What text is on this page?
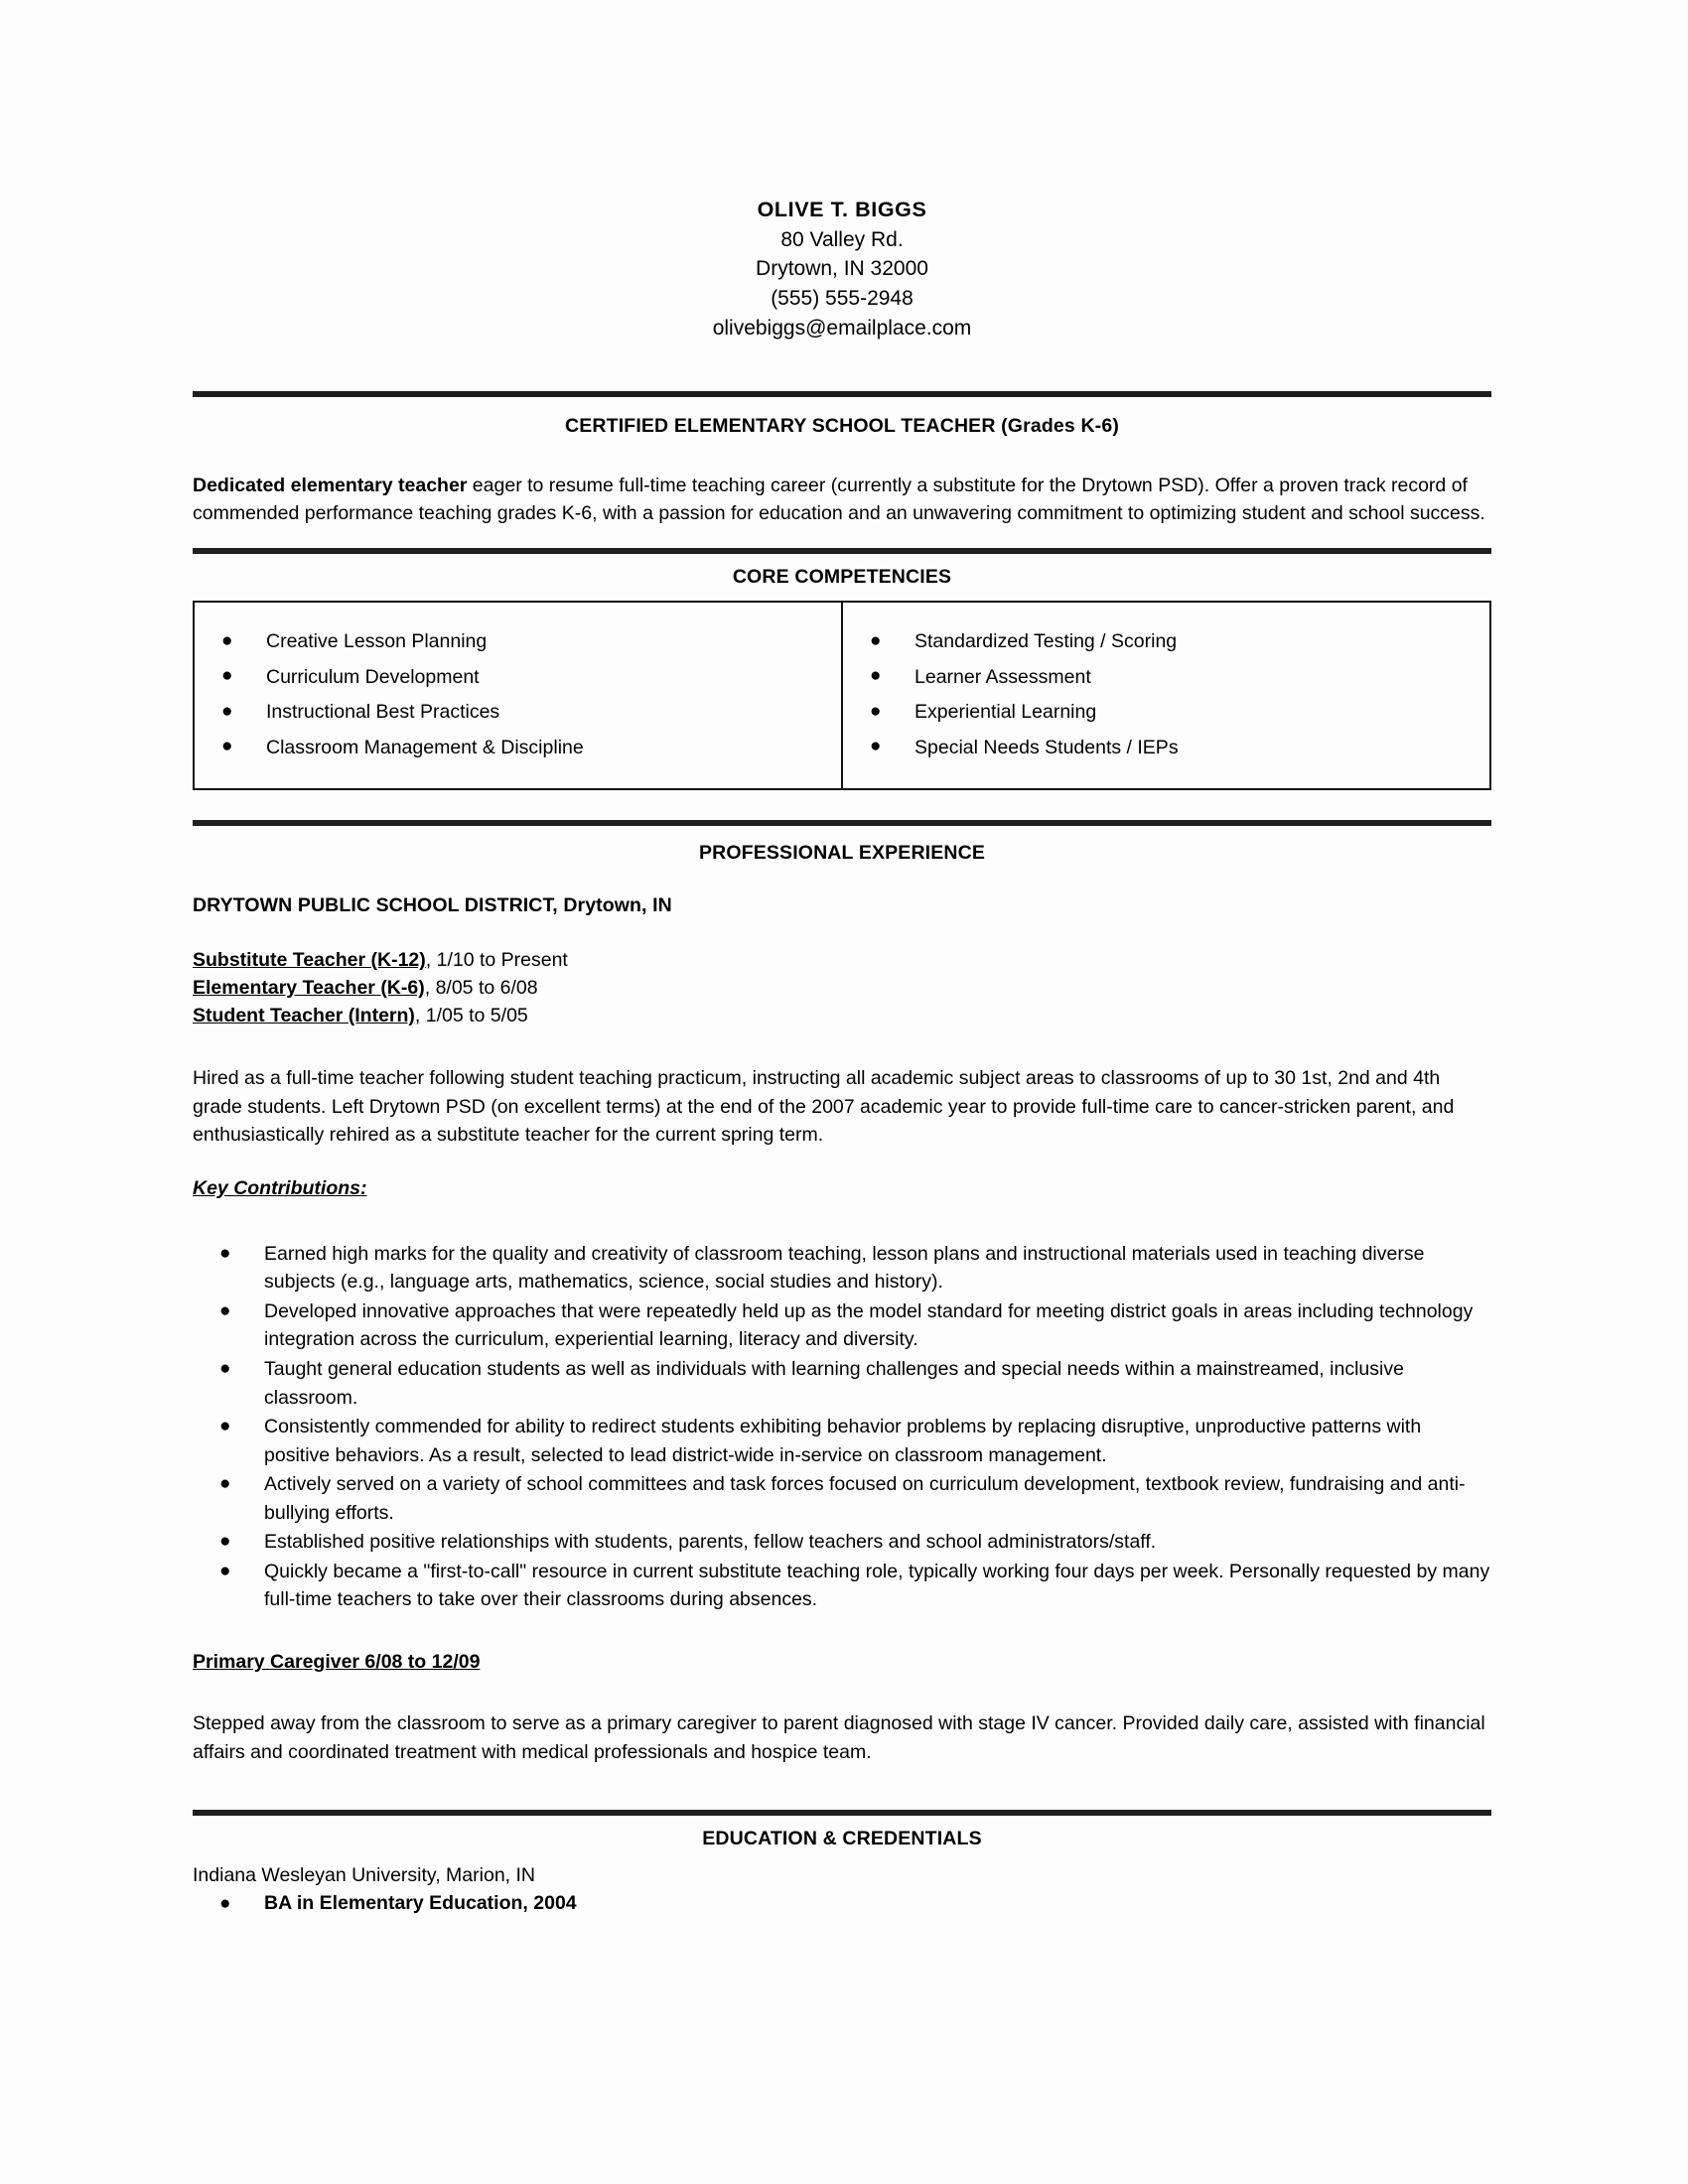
OLIVE T. BIGGS
80 Valley Rd.
Drytown, IN 32000
(555) 555-2948
olivebiggs@emailplace.com
CERTIFIED ELEMENTARY SCHOOL TEACHER (Grades K-6)
Dedicated elementary teacher eager to resume full-time teaching career (currently a substitute for the Drytown PSD). Offer a proven track record of commended performance teaching grades K-6, with a passion for education and an unwavering commitment to optimizing student and school success.
CORE COMPETENCIES
● Creative Lesson Planning
● Curriculum Development
● Instructional Best Practices
● Classroom Management & Discipline

● Standardized Testing / Scoring
● Learner Assessment
● Experiential Learning
● Special Needs Students / IEPs
PROFESSIONAL EXPERIENCE
DRYTOWN PUBLIC SCHOOL DISTRICT, Drytown, IN
Substitute Teacher (K-12), 1/10 to Present
Elementary Teacher (K-6), 8/05 to 6/08
Student Teacher (Intern), 1/05 to 5/05
Hired as a full-time teacher following student teaching practicum, instructing all academic subject areas to classrooms of up to 30 1st, 2nd and 4th grade students. Left Drytown PSD (on excellent terms) at the end of the 2007 academic year to provide full-time care to cancer-stricken parent, and enthusiastically rehired as a substitute teacher for the current spring term.
Key Contributions:
● Earned high marks for the quality and creativity of classroom teaching, lesson plans and instructional materials used in teaching diverse subjects (e.g., language arts, mathematics, science, social studies and history).
● Developed innovative approaches that were repeatedly held up as the model standard for meeting district goals in areas including technology integration across the curriculum, experiential learning, literacy and diversity.
● Taught general education students as well as individuals with learning challenges and special needs within a mainstreamed, inclusive classroom.
● Consistently commended for ability to redirect students exhibiting behavior problems by replacing disruptive, unproductive patterns with positive behaviors. As a result, selected to lead district-wide in-service on classroom management.
● Actively served on a variety of school committees and task forces focused on curriculum development, textbook review, fundraising and anti-bullying efforts.
● Established positive relationships with students, parents, fellow teachers and school administrators/staff.
● Quickly became a "first-to-call" resource in current substitute teaching role, typically working four days per week. Personally requested by many full-time teachers to take over their classrooms during absences.
Primary Caregiver 6/08 to 12/09
Stepped away from the classroom to serve as a primary caregiver to parent diagnosed with stage IV cancer. Provided daily care, assisted with financial affairs and coordinated treatment with medical professionals and hospice team.
EDUCATION & CREDENTIALS
Indiana Wesleyan University, Marion, IN
● BA in Elementary Education, 2004
